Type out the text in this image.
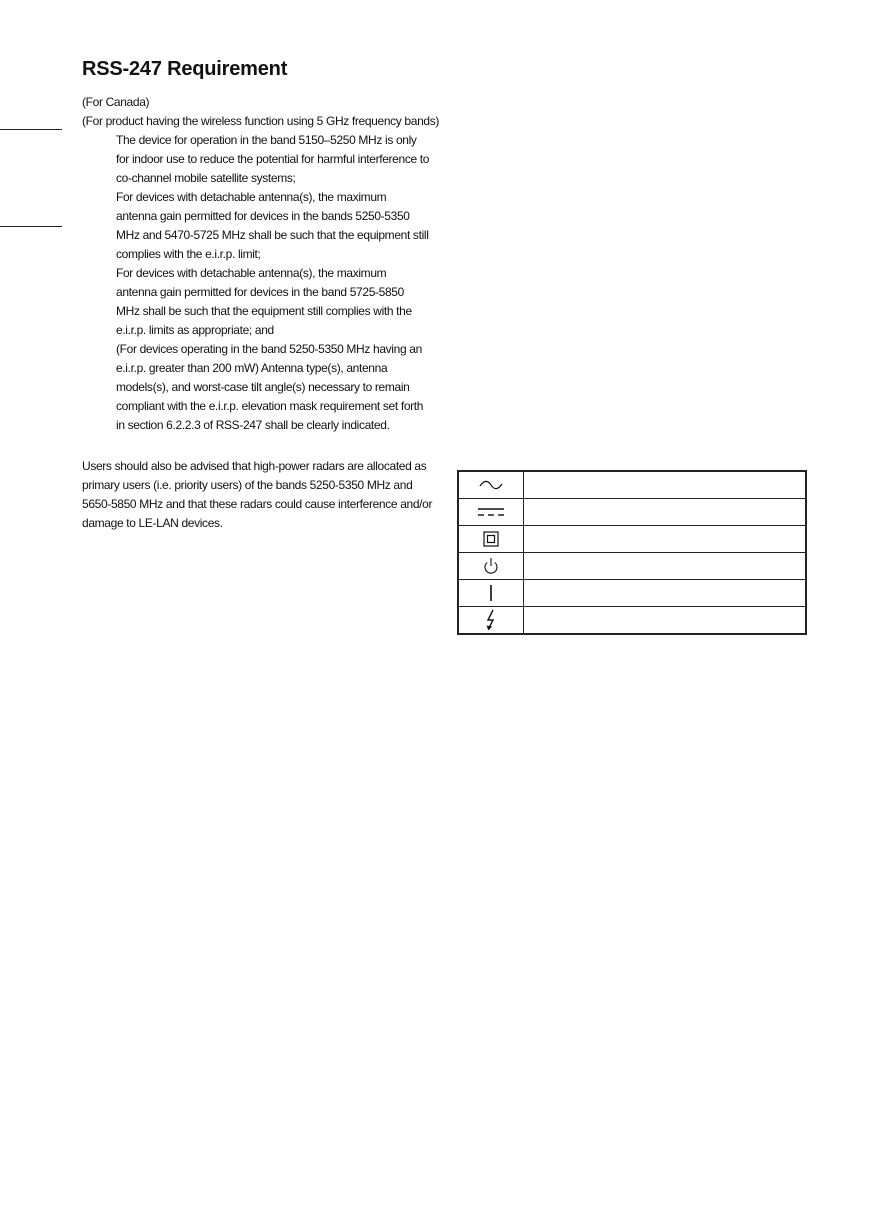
RSS-247 Requirement
(For Canada)
(For product having the wireless function using 5 GHz frequency bands)
The device for operation in the band 5150–5250 MHz is only for indoor use to reduce the potential for harmful interference to co-channel mobile satellite systems;
For devices with detachable antenna(s), the maximum antenna gain permitted for devices in the bands 5250-5350 MHz and 5470-5725 MHz shall be such that the equipment still complies with the e.i.r.p. limit;
For devices with detachable antenna(s), the maximum antenna gain permitted for devices in the band 5725-5850 MHz shall be such that the equipment still complies with the e.i.r.p. limits as appropriate; and
(For devices operating in the band 5250-5350 MHz having an e.i.r.p. greater than 200 mW) Antenna type(s), antenna models(s), and worst-case tilt angle(s) necessary to remain compliant with the e.i.r.p. elevation mask requirement set forth in section 6.2.2.3 of RSS-247 shall be clearly indicated.

Users should also be advised that high-power radars are allocated as primary users (i.e. priority users) of the bands 5250-5350 MHz and 5650-5850 MHz and that these radars could cause interference and/or damage to LE-LAN devices.
